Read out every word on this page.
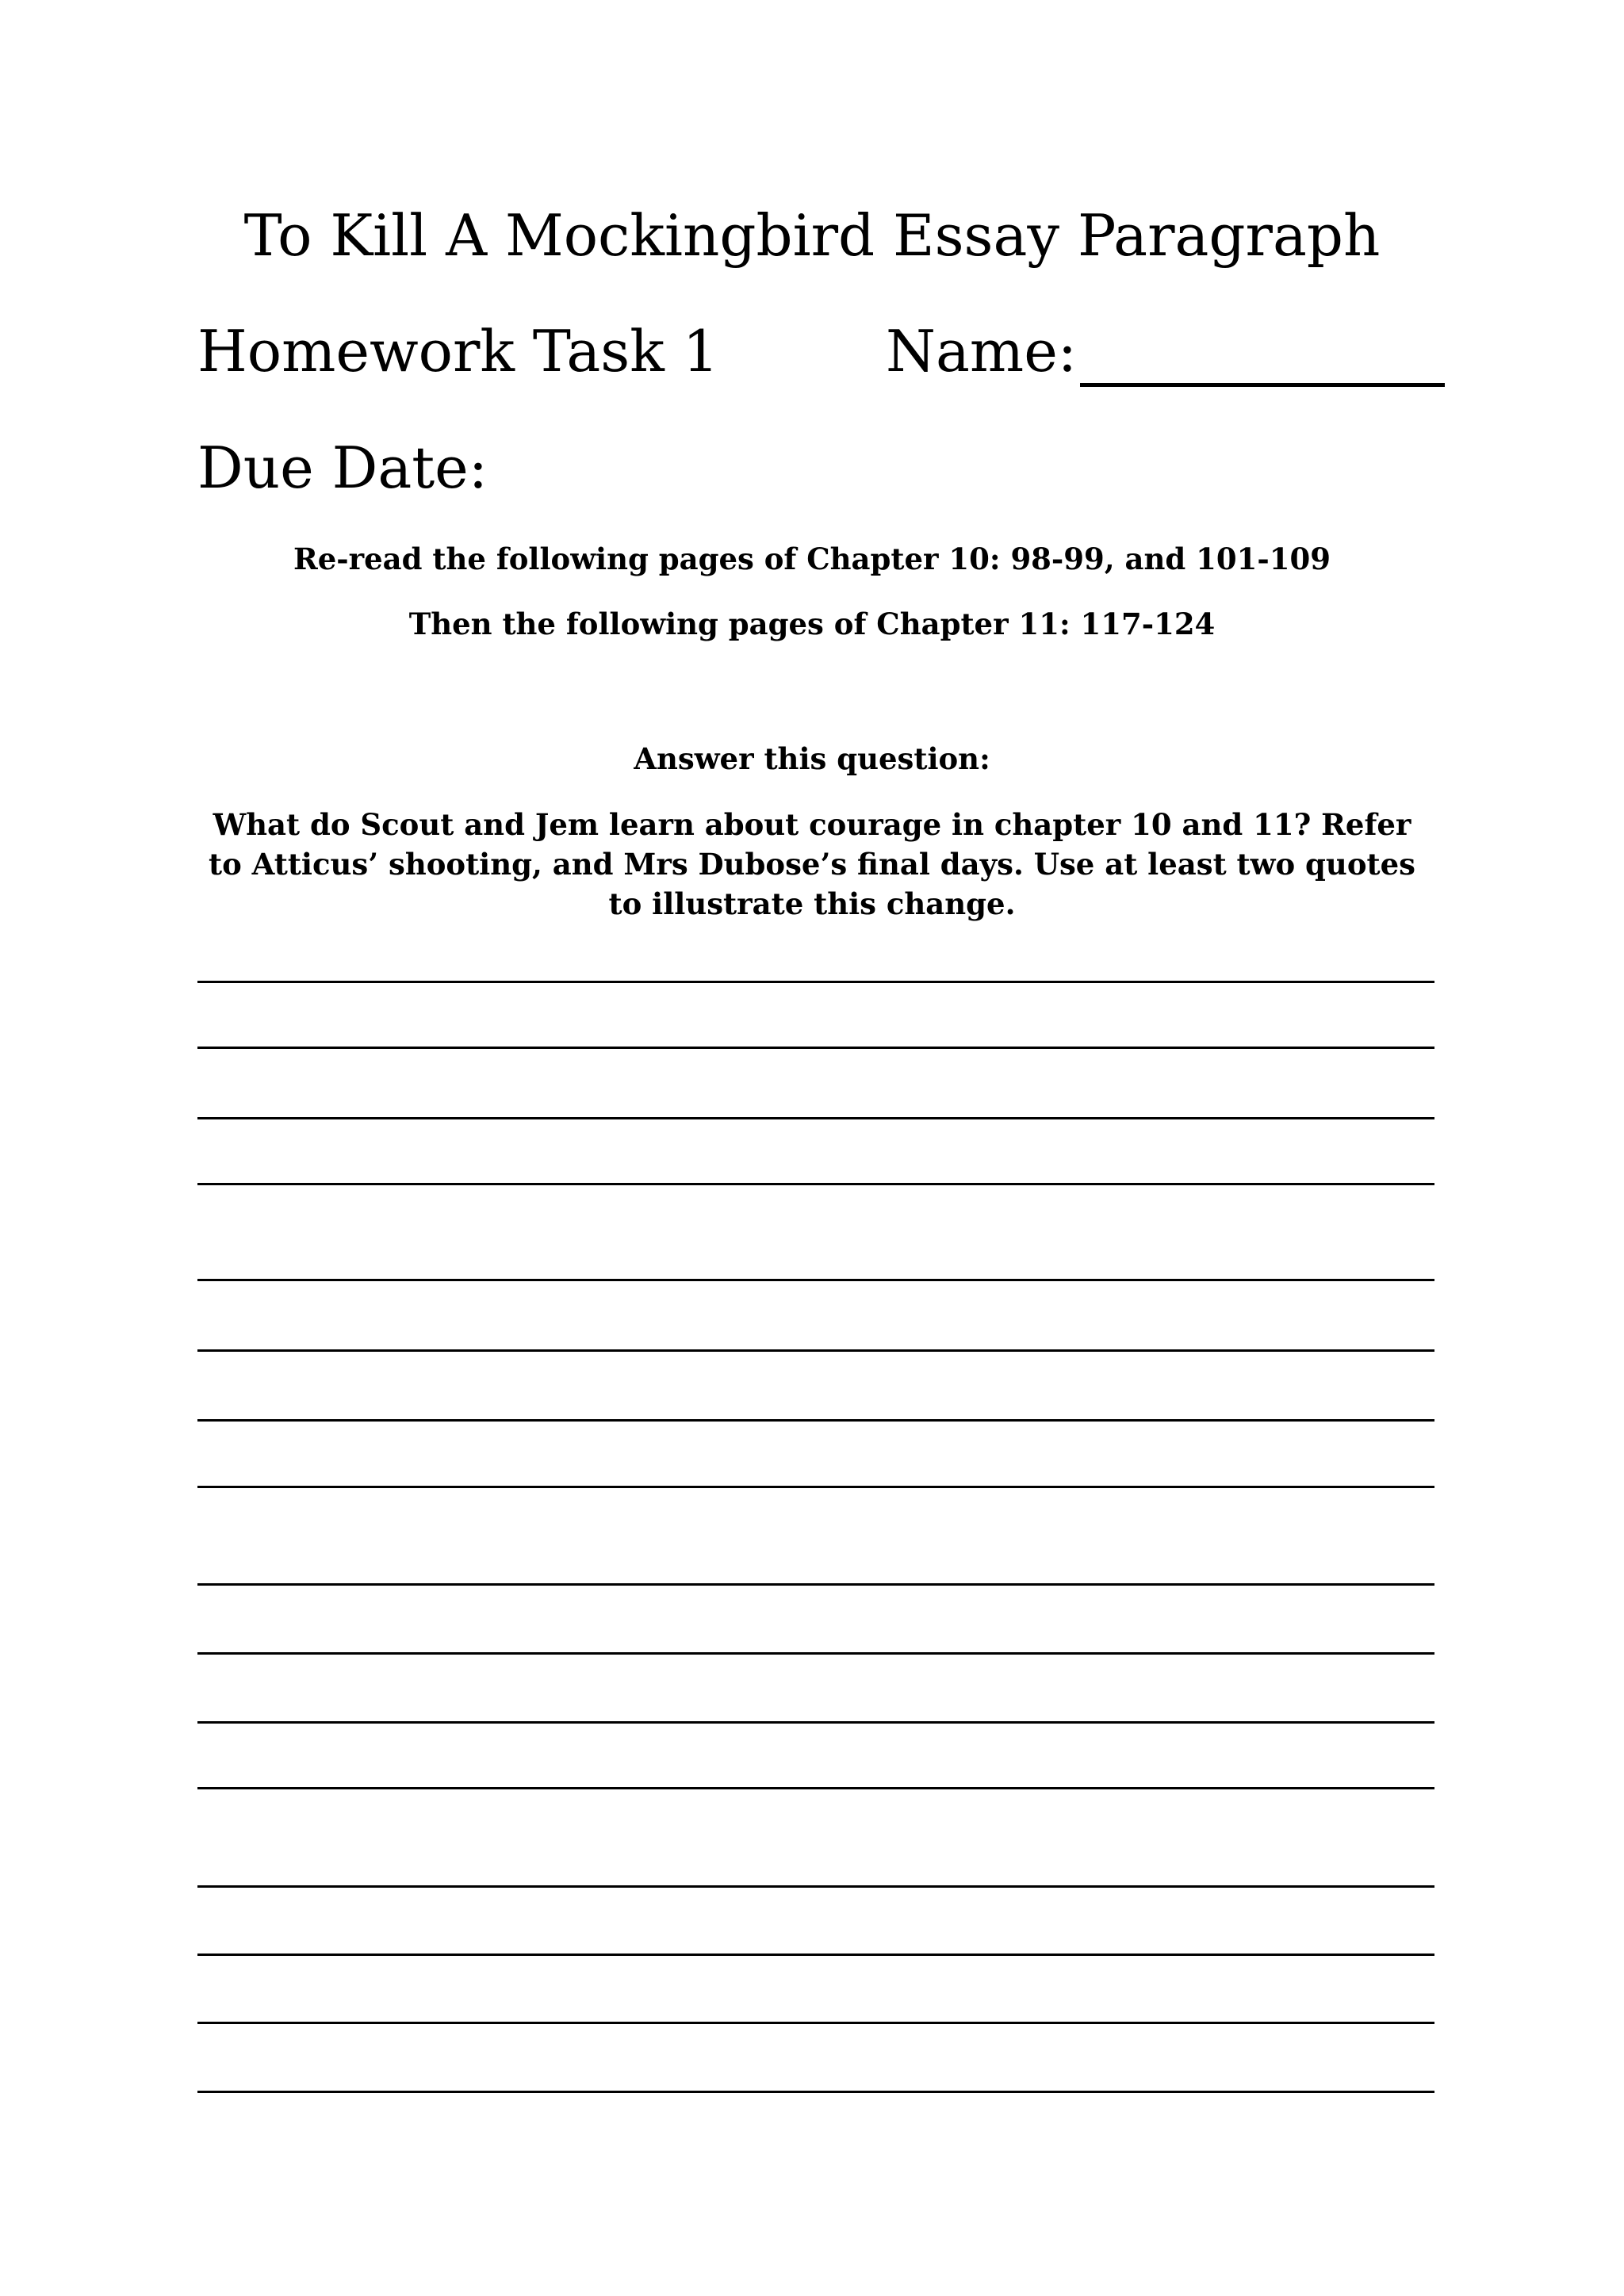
To Kill A Mockingbird Essay Paragraph
Homework Task 1	Name:
Due Date:
Re-read the following pages of Chapter 10: 98-99, and 101-109
Then the following pages of Chapter 11: 117-124
Answer this question:
What do Scout and Jem learn about courage in chapter 10 and 11? Refer to Atticus’ shooting, and Mrs Dubose’s final days. Use at least two quotes to illustrate this change.
